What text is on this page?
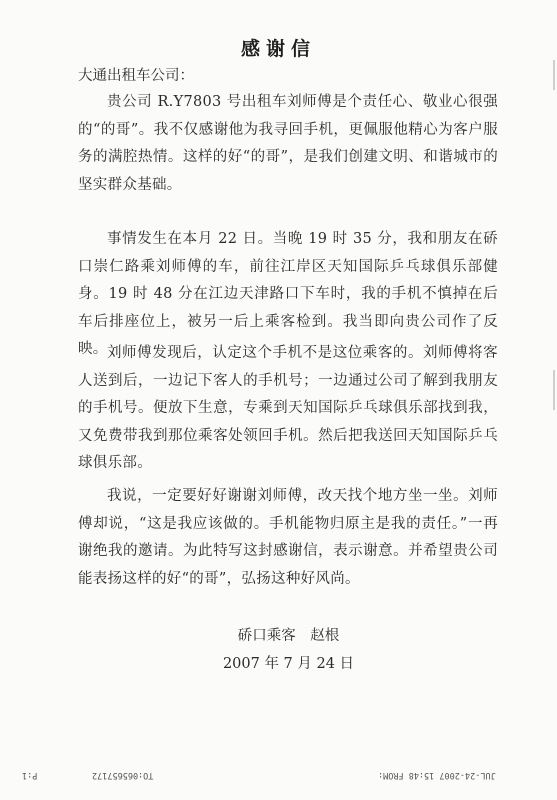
感谢信
大通出租车公司：
贵公司 R.Y7803 号出租车刘师傅是个责任心、敬业心很强的“的哥”。我不仅感谢他为我寻回手机，更佩服他精心为客户服务的满腔热情。这样的好“的哥”，是我们创建文明、和谐城市的坚实群众基础。
事情发生在本月 22 日。当晚 19 时 35 分，我和朋友在硚口崇仁路乘刘师傅的车，前往江岸区天知国际乒乓球俱乐部健身。19 时 48 分在江边天津路口下车时，我的手机不慎掉在后车后排座位上，被另一后上乘客检到。我当即向贵公司作了反映。 刘师傅发现后，认定这个手机不是这位乘客的。刘师傅将客人送到后，一边记下客人的手机号；一边通过公司了解到我朋友的手机号。便放下生意，专乘到天知国际乒乓球俱乐部找到我，又免费带我到那位乘客处领回手机。然后把我送回天知国际乒乓球俱乐部。
我说，一定要好好谢谢刘师傅，改天找个地方坐一坐。刘师傅却说，“这是我应该做的。手机能物归原主是我的责任。”一再谢绝我的邀请。为此特写这封感谢信，表示谢意。并希望贵公司能表扬这样的好“的哥”，弘扬这种好风尚。
硚口乘客　赵根
2007 年 7 月 24 日
JUL-24-2007 15:48 FROM:
TO:065657172
P:1
